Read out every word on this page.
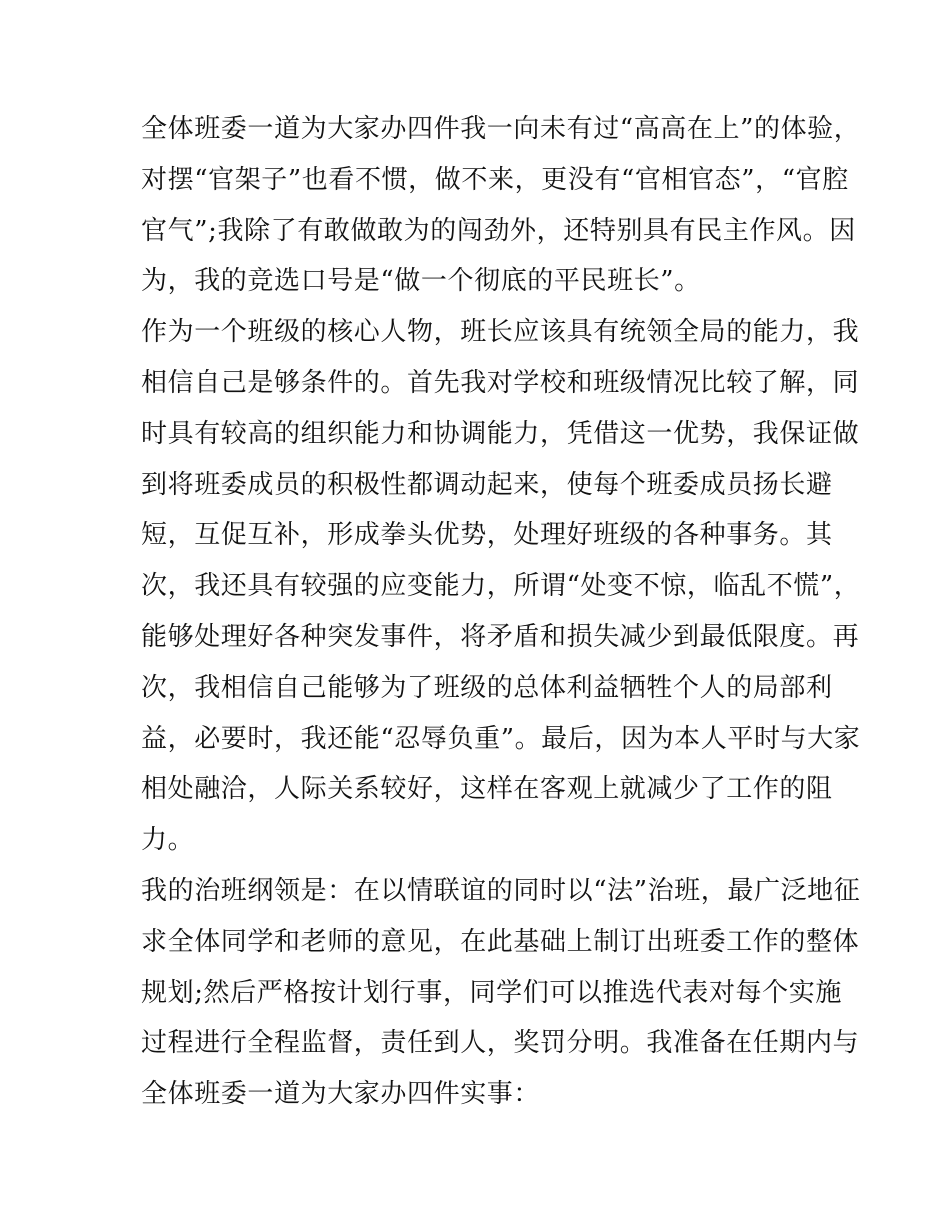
全体班委一道为大家办四件我一向未有过“高高在上”的体验，
对摆“官架子”也看不惯，做不来，更没有“官相官态”，“官腔
官气”;我除了有敢做敢为的闯劲外，还特别具有民主作风。因
为，我的竞选口号是“做一个彻底的平民班长”。
作为一个班级的核心人物，班长应该具有统领全局的能力，我
相信自己是够条件的。首先我对学校和班级情况比较了解，同
时具有较高的组织能力和协调能力，凭借这一优势，我保证做
到将班委成员的积极性都调动起来，使每个班委成员扬长避
短，互促互补，形成拳头优势，处理好班级的各种事务。其
次，我还具有较强的应变能力，所谓“处变不惊，临乱不慌”，
能够处理好各种突发事件，将矛盾和损失减少到最低限度。再
次，我相信自己能够为了班级的总体利益牺牲个人的局部利
益，必要时，我还能“忍辱负重”。最后，因为本人平时与大家
相处融洽，人际关系较好，这样在客观上就减少了工作的阻
力。
我的治班纲领是：在以情联谊的同时以“法”治班，最广泛地征
求全体同学和老师的意见，在此基础上制订出班委工作的整体
规划;然后严格按计划行事，同学们可以推选代表对每个实施
过程进行全程监督，责任到人，奖罚分明。我准备在任期内与
全体班委一道为大家办四件实事：
